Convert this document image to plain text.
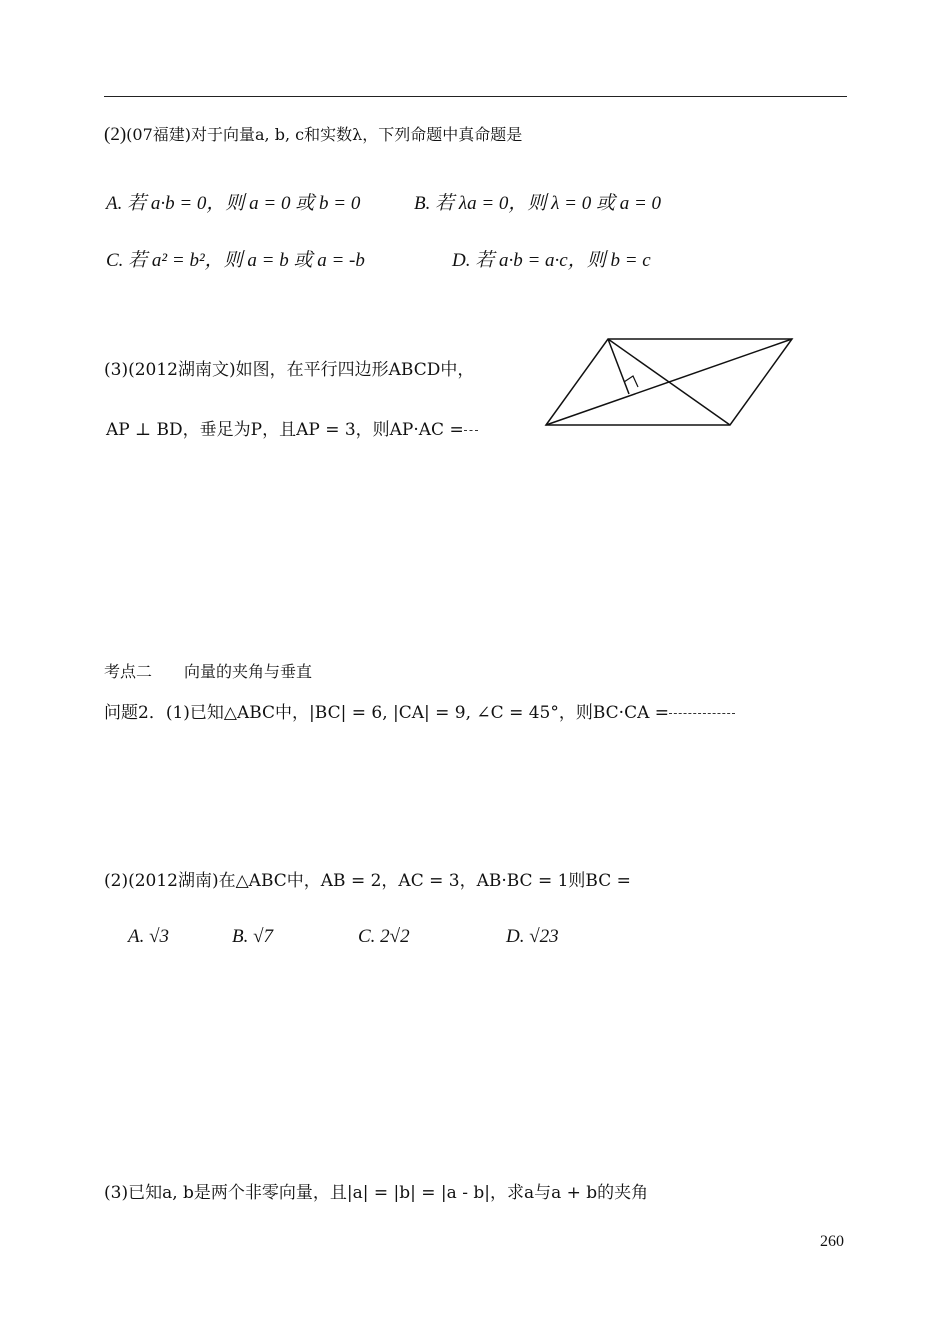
(2)(07福建)对于向量a, b, c和实数λ，下列命题中真命题是
A. 若 a·b = 0，则 a = 0 或 b = 0	B. 若 λa = 0，则 λ = 0 或 a = 0
C. 若 a² = b²，则 a = b 或 a = -b	D. 若 a·b = a·c，则 b = c
(3)(2012湖南文)如图，在平行四边形ABCD中，
AP ⊥ BD，垂足为P，且AP = 3，则AP·AC =
考点二　　向量的夹角与垂直
问题2．(1)已知△ABC中，|BC| = 6, |CA| = 9, ∠C = 45°，则BC·CA =
(2)(2012湖南)在△ABC中，AB = 2，AC = 3，AB·BC = 1则BC =
A. √3	B. √7	C. 2√2	D. √23
(3)已知a, b是两个非零向量，且|a| = |b| = |a - b|，求a与a + b的夹角
260
